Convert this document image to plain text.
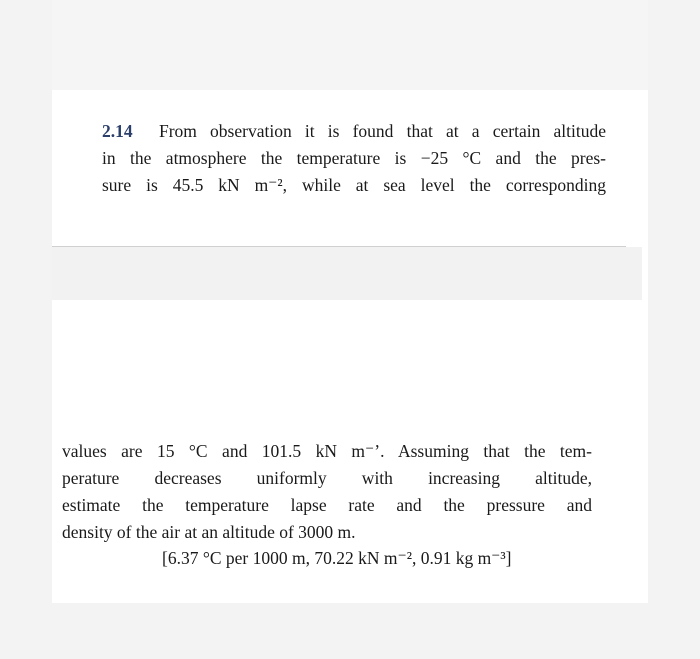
2.14 From observation it is found that at a certain altitude
in the atmosphere the temperature is −25 °C and the pres-
sure is 45.5 kN m⁻², while at sea level the corresponding
values are 15 °C and 101.5 kN m⁻ʼ. Assuming that the tem-
perature decreases uniformly with increasing altitude,
estimate the temperature lapse rate and the pressure and
density of the air at an altitude of 3000 m.
[6.37 °C per 1000 m, 70.22 kN m⁻², 0.91 kg m⁻³]
